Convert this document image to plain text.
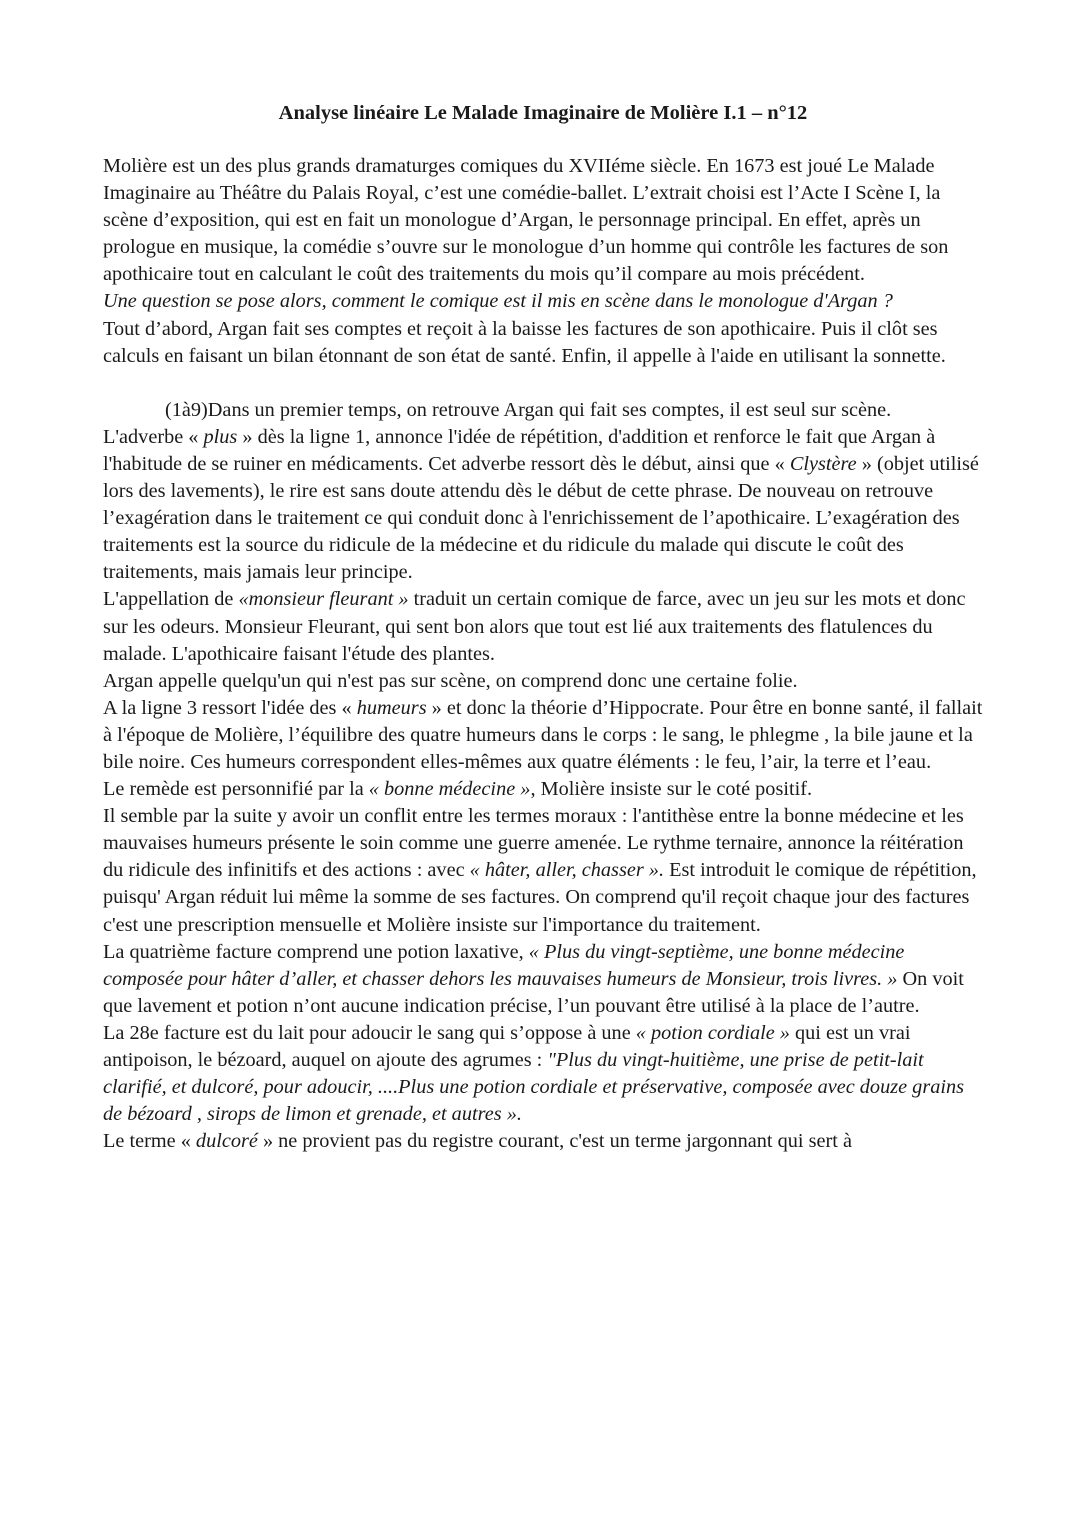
Analyse linéaire Le Malade Imaginaire de Molière I.1 – n°12

Molière est un des plus grands dramaturges comiques du XVIIéme siècle. En 1673 est joué Le Malade Imaginaire au Théâtre du Palais Royal, c’est une comédie-ballet. L’extrait choisi est l’Acte I Scène I, la scène d’exposition, qui est en fait un monologue d’Argan, le personnage principal. En effet, après un prologue en musique, la comédie s’ouvre sur le monologue d’un homme qui contrôle les factures de son apothicaire tout en calculant le coût des traitements du mois qu’il compare au mois précédent.

Une question se pose alors, comment le comique est il mis en scène dans le monologue d'Argan ?

Tout d’abord, Argan fait ses comptes et reçoit à la baisse les factures de son apothicaire. Puis il clôt ses calculs en faisant un bilan étonnant de son état de santé. Enfin, il appelle à l'aide en utilisant la sonnette.

(1à9)Dans un premier temps, on retrouve Argan qui fait ses comptes, il est seul sur scène.

L'adverbe « plus » dès la ligne 1, annonce l'idée de répétition, d'addition et renforce le fait que Argan à l'habitude de se ruiner en médicaments. Cet adverbe ressort dès le début, ainsi que « Clystère » (objet utilisé lors des lavements), le rire est sans doute attendu dès le début de cette phrase. De nouveau on retrouve l’exagération dans le traitement ce qui conduit donc à l'enrichissement de l’apothicaire. L’exagération des traitements est la source du ridicule de la médecine et du ridicule du malade qui discute le coût des traitements, mais jamais leur principe.

L'appellation de «monsieur fleurant » traduit un certain comique de farce, avec un jeu sur les mots et donc sur les odeurs. Monsieur Fleurant, qui sent bon alors que tout est lié aux traitements des flatulences du malade. L'apothicaire faisant l'étude des plantes.

Argan appelle quelqu'un qui n'est pas sur scène, on comprend donc une certaine folie.

A la ligne 3 ressort l'idée des « humeurs » et donc la théorie d’Hippocrate. Pour être en bonne santé, il fallait à l'époque de Molière, l’équilibre des quatre humeurs dans le corps : le sang, le phlegme , la bile jaune et la bile noire. Ces humeurs correspondent elles-mêmes aux quatre éléments : le feu, l’air, la terre et l’eau.

Le remède est personnifié par la « bonne médecine », Molière insiste sur le coté positif.

Il semble par la suite y avoir un conflit entre les termes moraux : l'antithèse entre la bonne médecine et les mauvaises humeurs présente le soin comme une guerre amenée. Le rythme ternaire, annonce la réitération du ridicule des infinitifs et des actions : avec « hâter, aller, chasser ». Est introduit le comique de répétition, puisqu' Argan réduit lui même la somme de ses factures. On comprend qu'il reçoit chaque jour des factures c'est une prescription mensuelle et Molière insiste sur l'importance du traitement.

La quatrième facture comprend une potion laxative, « Plus du vingt-septième, une bonne médecine composée pour hâter d’aller, et chasser dehors les mauvaises humeurs de Monsieur, trois livres. » On voit que lavement et potion n’ont aucune indication précise, l’un pouvant être utilisé à la place de l’autre.

La 28e facture est du lait pour adoucir le sang qui s’oppose à une « potion cordiale » qui est un vrai antipoison, le bézoard, auquel on ajoute des agrumes : "Plus du vingt-huitième, une prise de petit-lait clarifié, et dulcoré, pour adoucir, ....Plus une potion cordiale et préservative, composée avec douze grains de bézoard , sirops de limon et grenade, et autres ».

Le terme « dulcoré » ne provient pas du registre courant, c'est un terme jargonnant qui sert à
